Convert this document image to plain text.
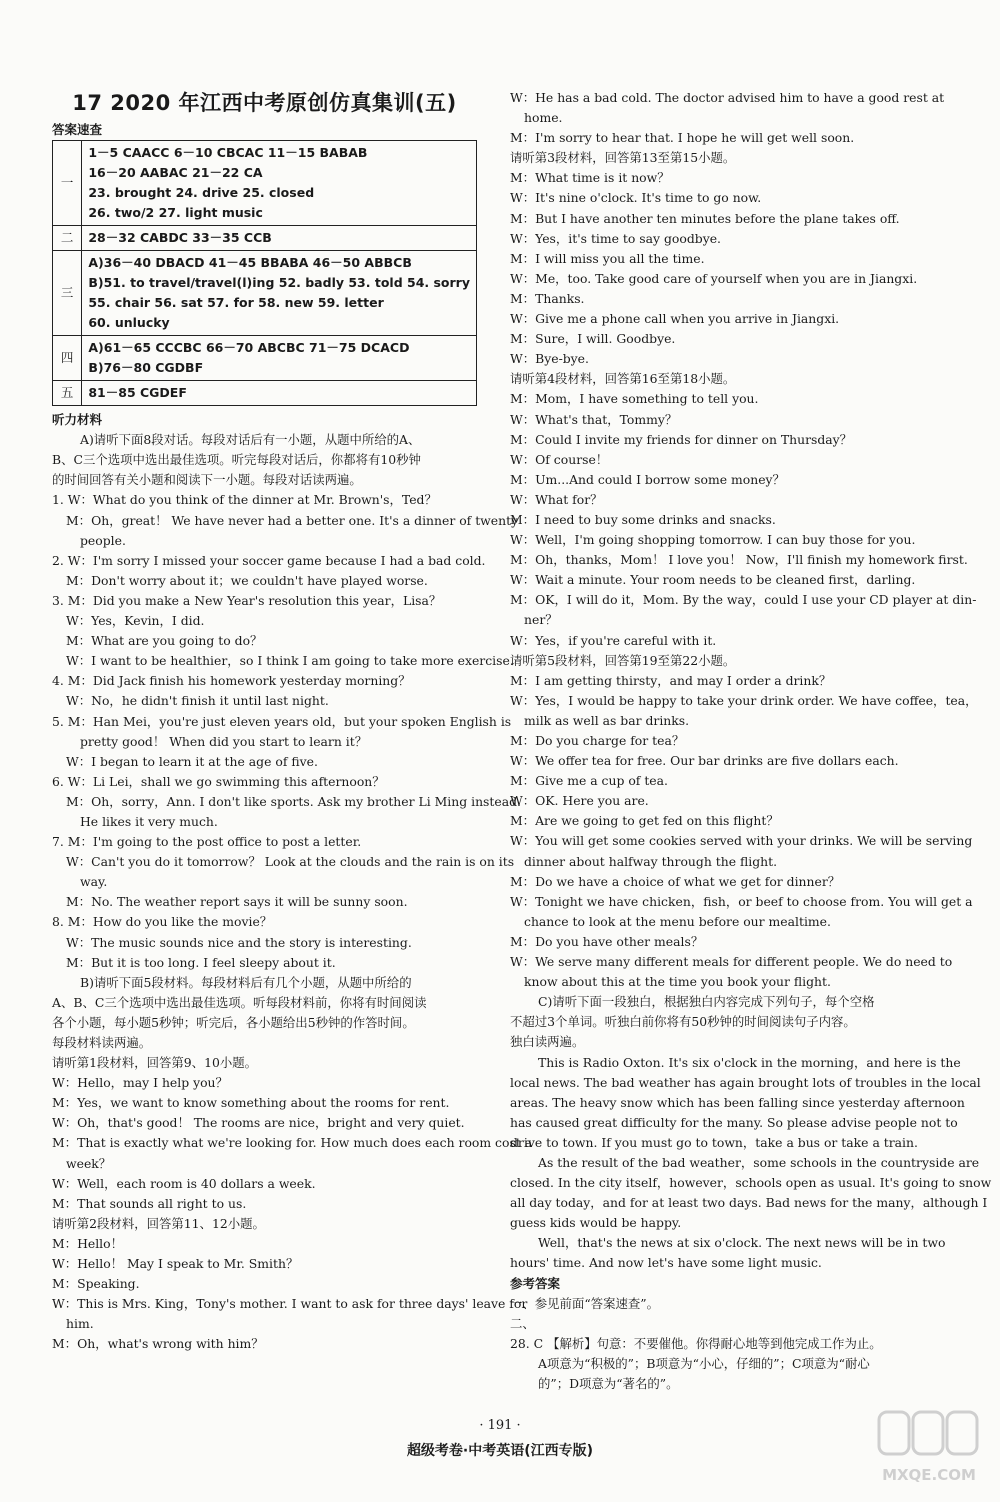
17 2020 年江西中考原创仿真集训(五)
答案速查
一	1－5 CAACC 6－10 CBCAC 11－15 BABAB
16－20 AABAC 21－22 CA
23. brought 24. drive 25. closed
26. two/2 27. light music

二	28－32 CABDC 33－35 CCB

三	A)36－40 DBACD 41－45 BBABA 46－50 ABBCB
B)51. to travel/travel(l)ing 52. badly 53. told 54. sorry
55. chair 56. sat 57. for 58. new 59. letter
60. unlucky

四	A)61－65 CCCBC 66－70 ABCBC 71－75 DCACD
B)76－80 CGDBF

五	81－85 CGDEF
听力材料
A)请听下面8段对话。每段对话后有一小题，从题中所给的A、
B、C三个选项中选出最佳选项。听完每段对话后，你都将有10秒钟
的时间回答有关小题和阅读下一小题。每段对话读两遍。
1. W：What do you think of the dinner at Mr. Brown's，Ted？
M：Oh，great！ We have never had a better one. It's a dinner of twenty
people.
2. W：I'm sorry I missed your soccer game because I had a bad cold.
M：Don't worry about it；we couldn't have played worse.
3. M：Did you make a New Year's resolution this year，Lisa？
W：Yes，Kevin，I did.
M：What are you going to do？
W：I want to be healthier，so I think I am going to take more exercise.
4. M：Did Jack finish his homework yesterday morning？
W：No，he didn't finish it until last night.
5. M：Han Mei，you're just eleven years old，but your spoken English is
pretty good！ When did you start to learn it？
W：I began to learn it at the age of five.
6. W：Li Lei，shall we go swimming this afternoon？
M：Oh，sorry，Ann. I don't like sports. Ask my brother Li Ming instead.
He likes it very much.
7. M：I'm going to the post office to post a letter.
W：Can't you do it tomorrow？ Look at the clouds and the rain is on its
way.
M：No. The weather report says it will be sunny soon.
8. M：How do you like the movie？
W：The music sounds nice and the story is interesting.
M：But it is too long. I feel sleepy about it.
B)请听下面5段材料。每段材料后有几个小题，从题中所给的
A、B、C三个选项中选出最佳选项。听每段材料前，你将有时间阅读
各个小题，每小题5秒钟；听完后，各小题给出5秒钟的作答时间。
每段材料读两遍。
请听第1段材料，回答第9、10小题。
W：Hello，may I help you？
M：Yes，we want to know something about the rooms for rent.
W：Oh，that's good！ The rooms are nice，bright and very quiet.
M：That is exactly what we're looking for. How much does each room cost a
week？
W：Well，each room is 40 dollars a week.
M：That sounds all right to us.
请听第2段材料，回答第11、12小题。
M：Hello！
W：Hello！ May I speak to Mr. Smith？
M：Speaking.
W：This is Mrs. King，Tony's mother. I want to ask for three days' leave for
him.
M：Oh，what's wrong with him？
W：He has a bad cold. The doctor advised him to have a good rest at
home.
M：I'm sorry to hear that. I hope he will get well soon.
请听第3段材料，回答第13至第15小题。
M：What time is it now？
W：It's nine o'clock. It's time to go now.
M：But I have another ten minutes before the plane takes off.
W：Yes，it's time to say goodbye.
M：I will miss you all the time.
W：Me，too. Take good care of yourself when you are in Jiangxi.
M：Thanks.
W：Give me a phone call when you arrive in Jiangxi.
M：Sure，I will. Goodbye.
W：Bye-bye.
请听第4段材料，回答第16至第18小题。
M：Mom，I have something to tell you.
W：What's that，Tommy？
M：Could I invite my friends for dinner on Thursday？
W：Of course！
M：Um...And could I borrow some money？
W：What for？
M：I need to buy some drinks and snacks.
W：Well，I'm going shopping tomorrow. I can buy those for you.
M：Oh，thanks，Mom！ I love you！ Now，I'll finish my homework first.
W：Wait a minute. Your room needs to be cleaned first，darling.
M：OK，I will do it，Mom. By the way，could I use your CD player at din-
ner？
W：Yes，if you're careful with it.
请听第5段材料，回答第19至第22小题。
M：I am getting thirsty，and may I order a drink？
W：Yes，I would be happy to take your drink order. We have coffee，tea，
milk as well as bar drinks.
M：Do you charge for tea？
W：We offer tea for free. Our bar drinks are five dollars each.
M：Give me a cup of tea.
W：OK. Here you are.
M：Are we going to get fed on this flight？
W：You will get some cookies served with your drinks. We will be serving
dinner about halfway through the flight.
M：Do we have a choice of what we get for dinner？
W：Tonight we have chicken，fish，or beef to choose from. You will get a
chance to look at the menu before our mealtime.
M：Do you have other meals？
W：We serve many different meals for different people. We do need to
know about this at the time you book your flight.
C)请听下面一段独白，根据独白内容完成下列句子，每个空格
不超过3个单词。听独白前你将有50秒钟的时间阅读句子内容。
独白读两遍。
This is Radio Oxton. It's six o'clock in the morning，and here is the
local news. The bad weather has again brought lots of troubles in the local
areas. The heavy snow which has been falling since yesterday afternoon
has caused great difficulty for the many. So please advise people not to
drive to town. If you must go to town，take a bus or take a train.
As the result of the bad weather，some schools in the countryside are
closed. In the city itself，however，schools open as usual. It's going to snow
all day today，and for at least two days. Bad news for the many，although I
guess kids would be happy.
Well，that's the news at six o'clock. The next news will be in two
hours' time. And now let's have some light music.
参考答案
一、参见前面“答案速查”。
二、
28. C 【解析】句意：不要催他。你得耐心地等到他完成工作为止。
A项意为“积极的”；B项意为“小心，仔细的”；C项意为“耐心
的”；D项意为“著名的”。
· 191 ·
超级考卷·中考英语(江西专版)
MXQE.COM
